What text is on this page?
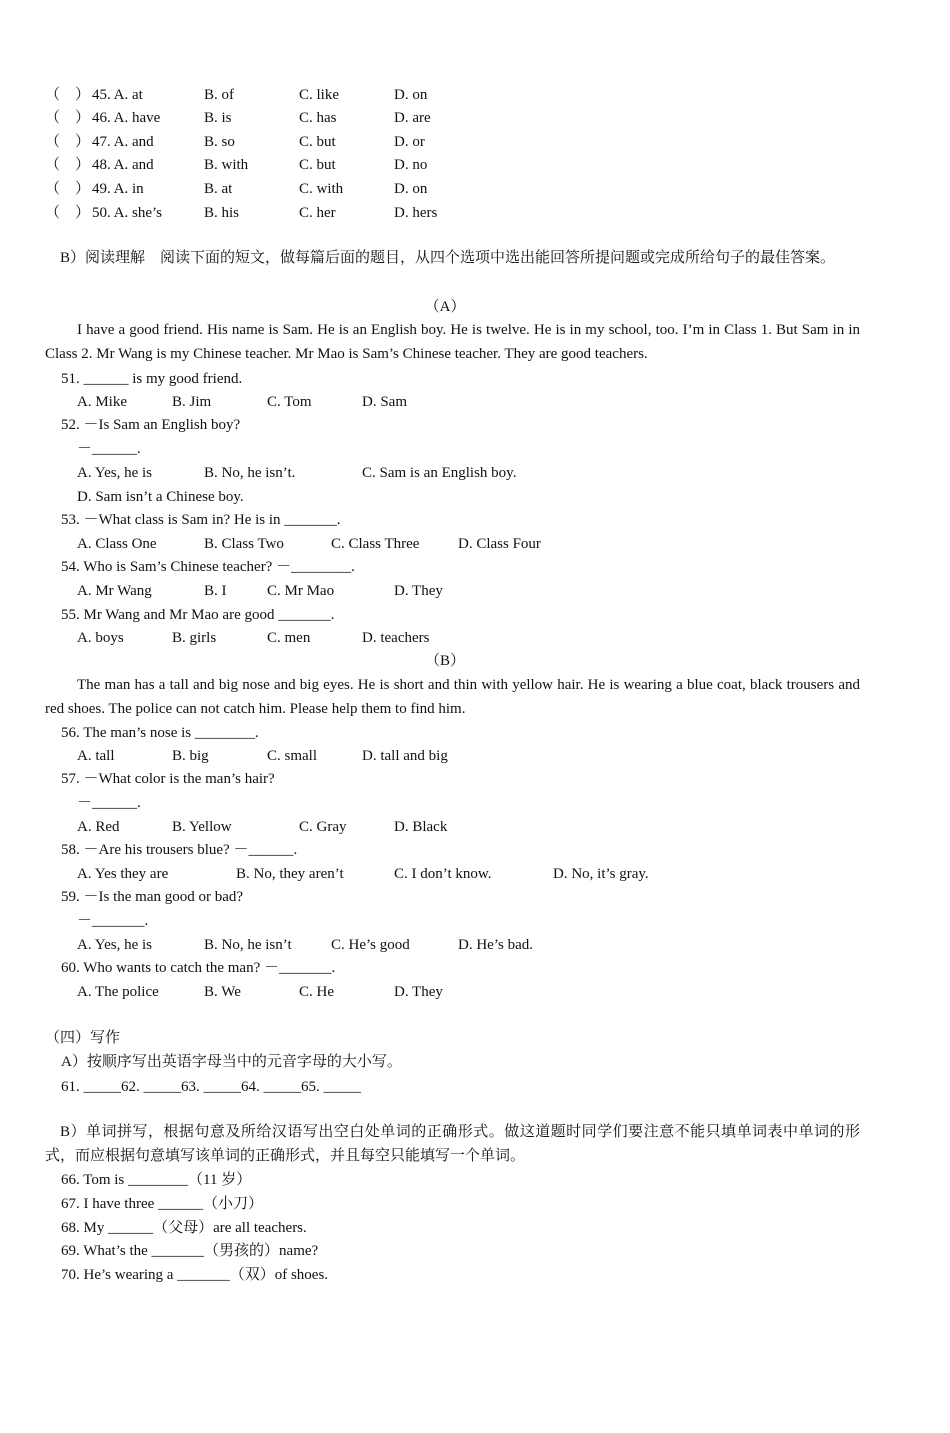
（    ） 45. A. at	B. of	C. like	D. on
（    ） 46. A. have	B. is	C. has	D. are
（    ） 47. A. and	B. so	C. but	D. or
（    ） 48. A. and	B. with	C. but	D. no
（    ） 49. A. in	B. at	C. with	D. on
（    ） 50. A. she’s	B. his	C. her	D. hers
B）阅读理解　阅读下面的短文，做每篇后面的题目，从四个选项中选出能回答所提问题或完成所给句子的最佳答案。
（A）
I have a good friend. His name is Sam. He is an English boy. He is twelve. He is in my school, too. I’m in Class 1. But Sam in in Class 2. Mr Wang is my Chinese teacher. Mr Mao is Sam’s Chinese teacher. They are good teachers.
51. ______ is my good friend.
A. Mike	B. Jim	C. Tom	D. Sam
52. －Is Sam an English boy?
－______.
A. Yes, he is	B. No, he isn’t.	C. Sam is an English boy.
D. Sam isn’t a Chinese boy.
53. －What class is Sam in? He is in _______.
A. Class One	B. Class Two	C. Class Three	D. Class Four
54. Who is Sam’s Chinese teacher? －________.
A. Mr Wang	B. I	C. Mr Mao	D. They
55. Mr Wang and Mr Mao are good _______.
A. boys	B. girls	C. men	D. teachers
（B）
The man has a tall and big nose and big eyes. He is short and thin with yellow hair. He is wearing a blue coat, black trousers and red shoes. The police can not catch him. Please help them to find him.
56. The man’s nose is ________.
A. tall	B. big	C. small	D. tall and big
57. －What color is the man’s hair?
－______.
A. Red	B. Yellow	C. Gray	D. Black
58. －Are his trousers blue? －______.
A. Yes they are	B. No, they aren’t	C. I don’t know.	D. No, it’s gray.
59. －Is the man good or bad?
－_______.
A. Yes, he is	B. No, he isn’t	C. He’s good	D. He’s bad.
60. Who wants to catch the man? －_______.
A. The police	B. We	C. He	D. They
（四）写作
A）按顺序写出英语字母当中的元音字母的大小写。
61. _____62. _____63. _____64. _____65. _____
B）单词拼写，根据句意及所给汉语写出空白处单词的正确形式。做这道题时同学们要注意不能只填单词表中单词的形式，而应根据句意填写该单词的正确形式，并且每空只能填写一个单词。
66. Tom is ________（11 岁）
67. I have three ______（小刀）
68. My ______（父母）are all teachers.
69. What’s the _______（男孩的）name?
70. He’s wearing a _______（双）of shoes.
